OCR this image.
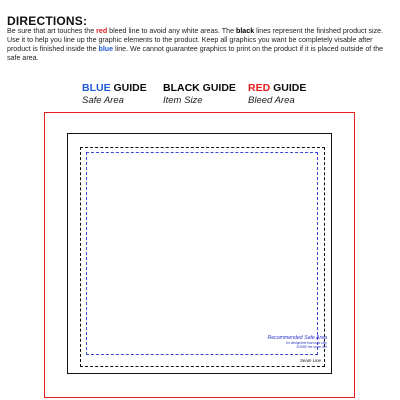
DIRECTIONS:
Be sure that art touches the red bleed line to avoid any white areas. The black lines represent the finished product size. Use it to help you line up the graphic elements to the product. Keep all graphics you want be completely visable after product is finished inside the blue line. We cannot guarantee graphics to print on the product if it is placed outside of the safe area.
BLUE GUIDE
Safe Area
BLACK GUIDE
Item Size
RED GUIDE
Bleed Area
Recommended Safe Area
for design/text that must stay
INSIDE the seam line
Seam Line
